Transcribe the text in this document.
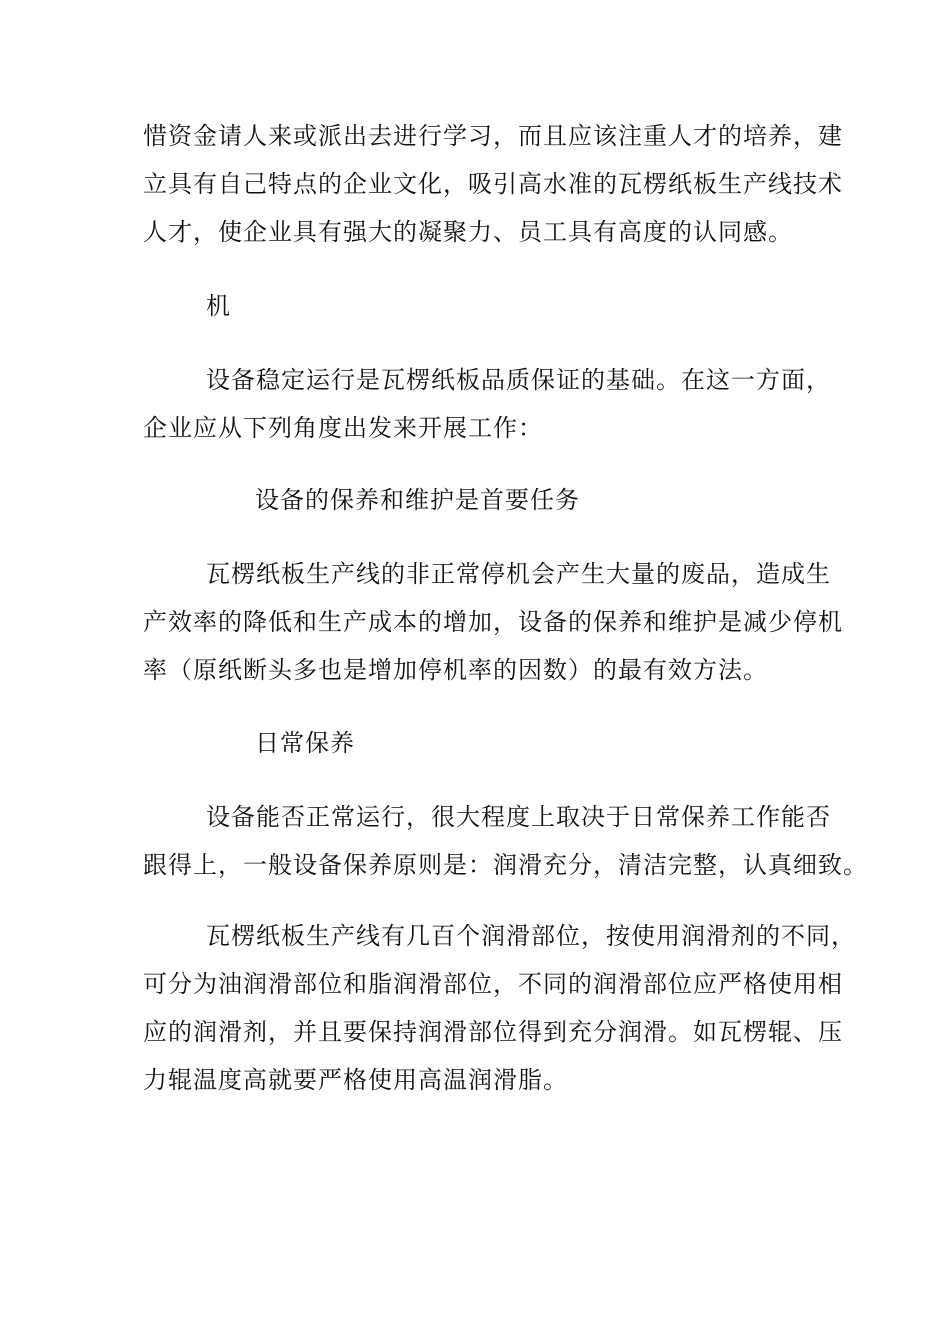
惜资金请人来或派出去进行学习，而且应该注重人才的培养，建
立具有自己特点的企业文化，吸引高水准的瓦楞纸板生产线技术
人才，使企业具有强大的凝聚力、员工具有高度的认同感。
机
设备稳定运行是瓦楞纸板品质保证的基础。在这一方面，
企业应从下列角度出发来开展工作：
设备的保养和维护是首要任务
瓦楞纸板生产线的非正常停机会产生大量的废品，造成生
产效率的降低和生产成本的增加，设备的保养和维护是减少停机
率（原纸断头多也是增加停机率的因数）的最有效方法。
日常保养
设备能否正常运行，很大程度上取决于日常保养工作能否
跟得上，一般设备保养原则是：润滑充分，清洁完整，认真细致。
瓦楞纸板生产线有几百个润滑部位，按使用润滑剂的不同，
可分为油润滑部位和脂润滑部位，不同的润滑部位应严格使用相
应的润滑剂，并且要保持润滑部位得到充分润滑。如瓦楞辊、压
力辊温度高就要严格使用高温润滑脂。
